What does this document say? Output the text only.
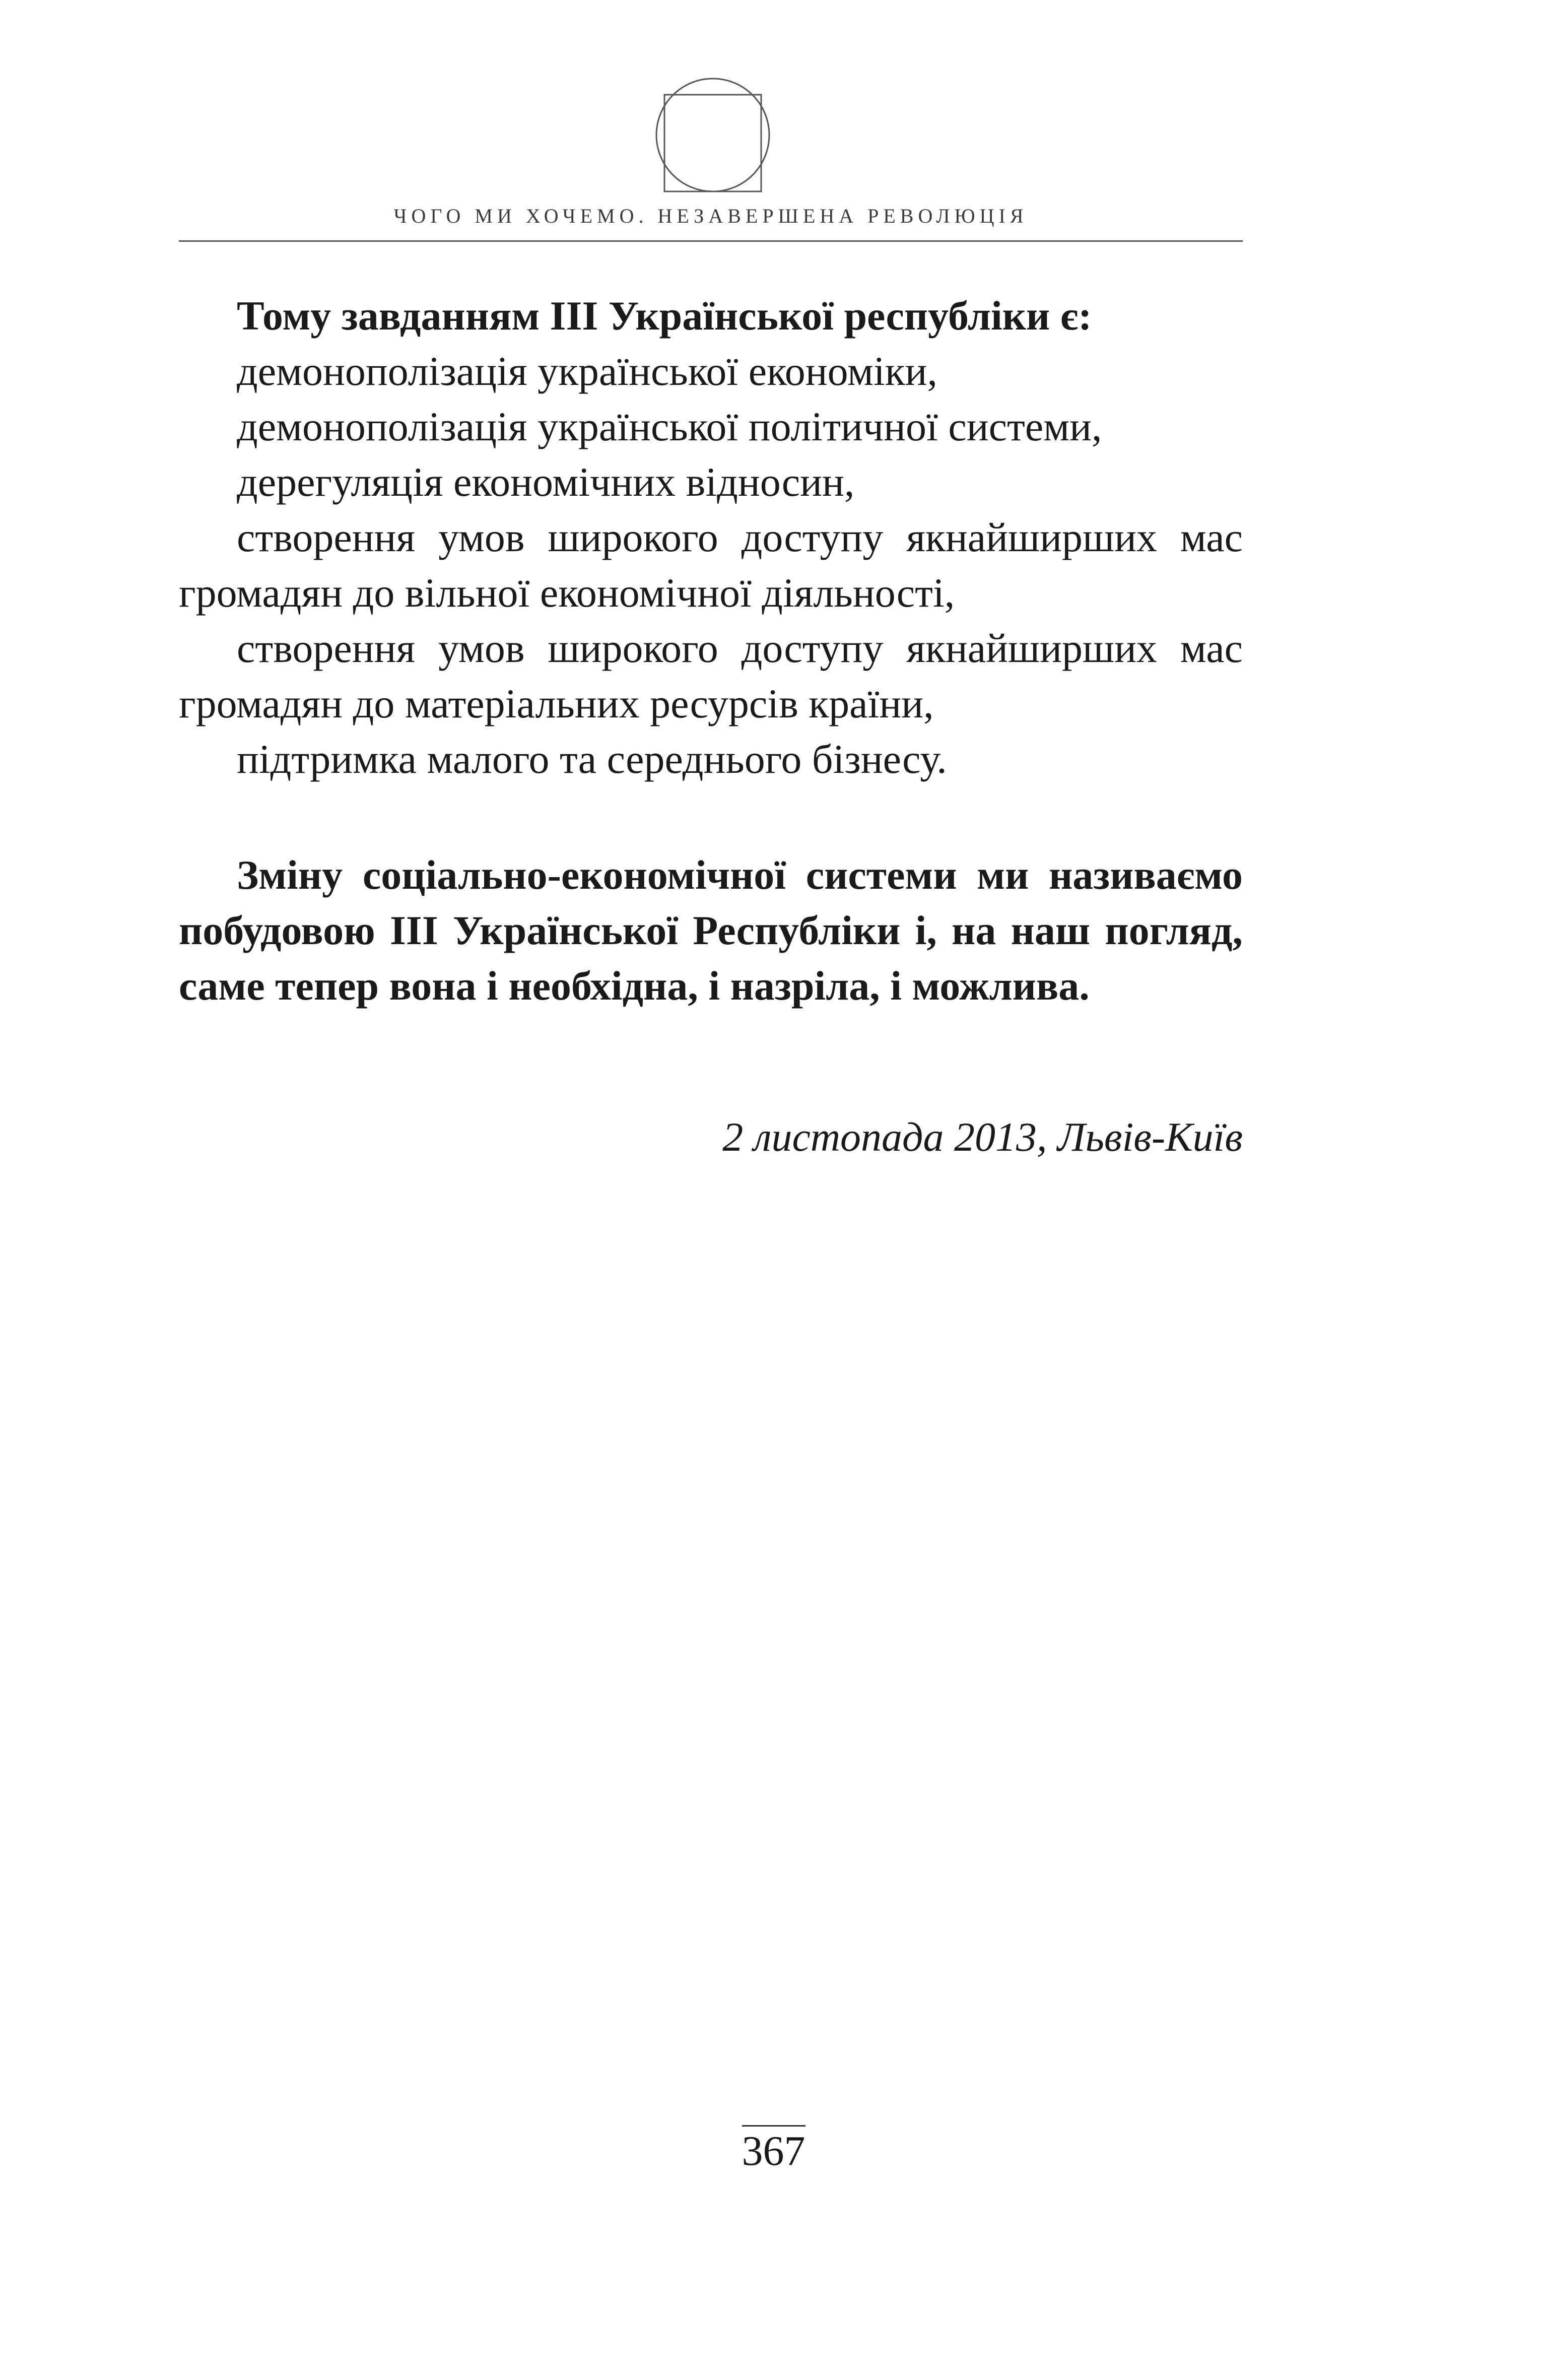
ЧОГО МИ ХОЧЕМО. НЕЗАВЕРШЕНА РЕВОЛЮЦІЯ

Тому завданням ІІІ Української республіки є:

демонополізація української економіки,

демонополізація української політичної системи,

дерегуляція економічних відносин,

створення умов широкого доступу якнайширших мас громадян до вільної економічної діяльності,

створення умов широкого доступу якнайширших мас громадян до матеріальних ресурсів країни,

підтримка малого та середнього бізнесу.

Зміну соціально-економічної системи ми називаємо побудовою ІІІ Української Республіки і, на наш погляд, саме тепер вона і необхідна, і назріла, і можлива.

2 листопада 2013, Львів-Київ
367
